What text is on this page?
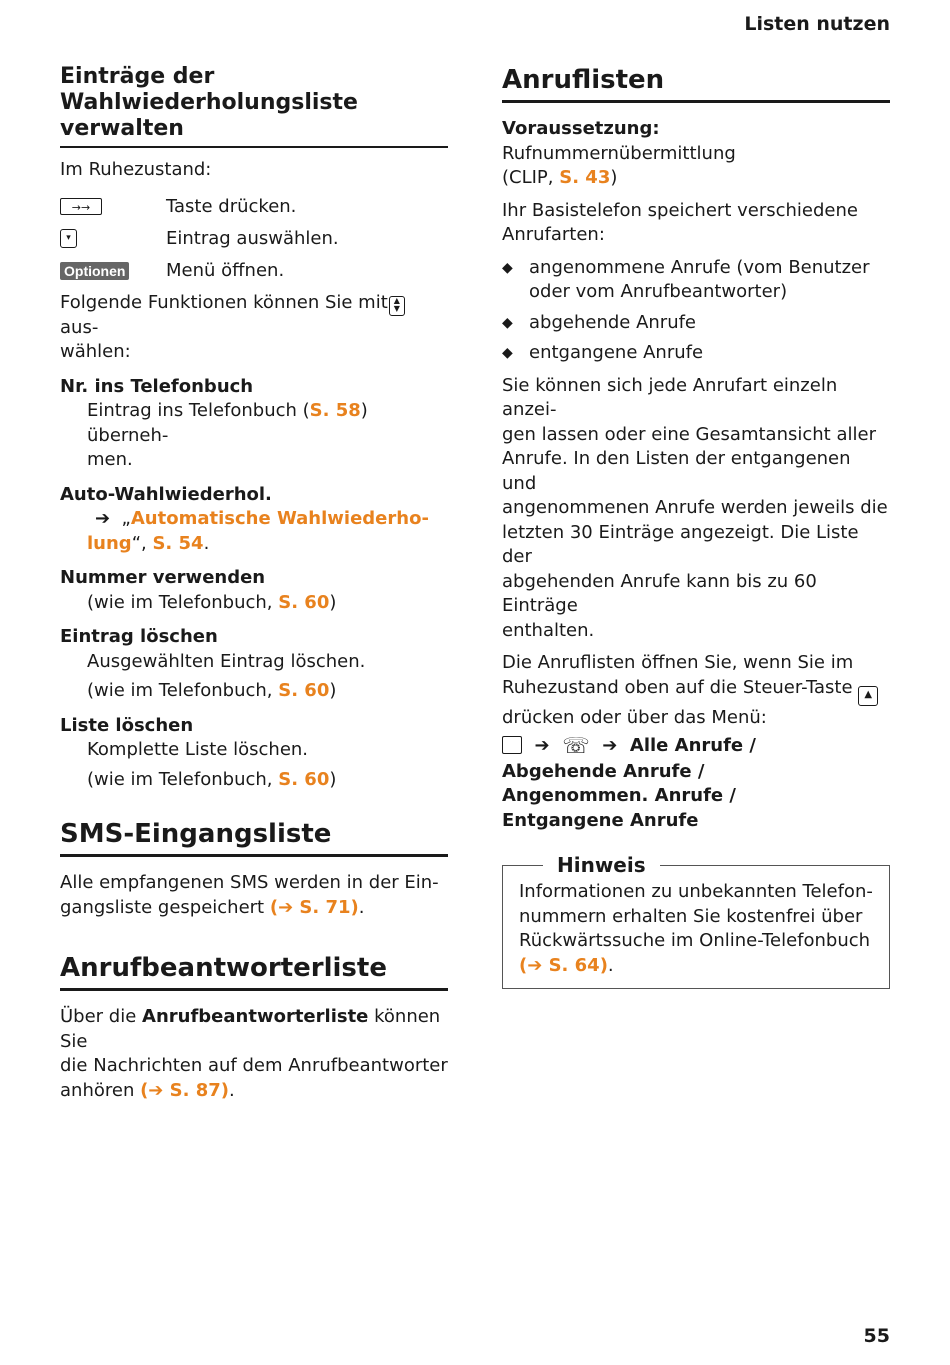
Listen nutzen
Einträge der
Wahlwiederholungsliste verwalten

Im Ruhezustand:

→→	Taste drücken.
▾	Eintrag auswählen.
Optionen Menü öffnen.

Folgende Funktionen können Sie mit ▲
▼ aus-
wählen:

Nr. ins Telefonbuch
Eintrag ins Telefonbuch (S. 58) überneh-
men.
Auto-Wahlwiederhol.
➔ „Automatische Wahlwiederho-
lung“, S. 54.
Nummer verwenden
(wie im Telefonbuch, S. 60)
Eintrag löschen
Ausgewählten Eintrag löschen.
(wie im Telefonbuch, S. 60)
Liste löschen
Komplette Liste löschen.
(wie im Telefonbuch, S. 60)
SMS-Eingangsliste

Alle empfangenen SMS werden in der Ein-
gangsliste gespeichert (➔ S. 71).

Anrufbeantworterliste

Über die Anrufbeantworterliste können Sie
die Nachrichten auf dem Anrufbeantworter
anhören (➔ S. 87).

Anruflisten

Voraussetzung: Rufnummernübermittlung
(CLIP, S. 43)

Ihr Basistelefon speichert verschiedene
Anrufarten:

◆ angenommene Anrufe (vom Benutzer
oder vom Anrufbeantworter)
◆ abgehende Anrufe
◆ entgangene Anrufe

Sie können sich jede Anrufart einzeln anzei-
gen lassen oder eine Gesamtansicht aller
Anrufe. In den Listen der entgangenen und
angenommenen Anrufe werden jeweils die
letzten 30 Einträge angezeigt. Die Liste der
abgehenden Anrufe kann bis zu 60 Einträge
enthalten.

Die Anruflisten öffnen Sie, wenn Sie im
Ruhezustand oben auf die Steuer-Taste ▲
drücken oder über das Menü:

➔ ☏ ➔ Alle Anrufe /
Abgehende Anrufe /
Angenommen. Anrufe /
Entgangene Anrufe
Hinweis

Informationen zu unbekannten Telefon-
nummern erhalten Sie kostenfrei über
Rückwärtssuche im Online-Telefonbuch
(➔ S. 64).

55
